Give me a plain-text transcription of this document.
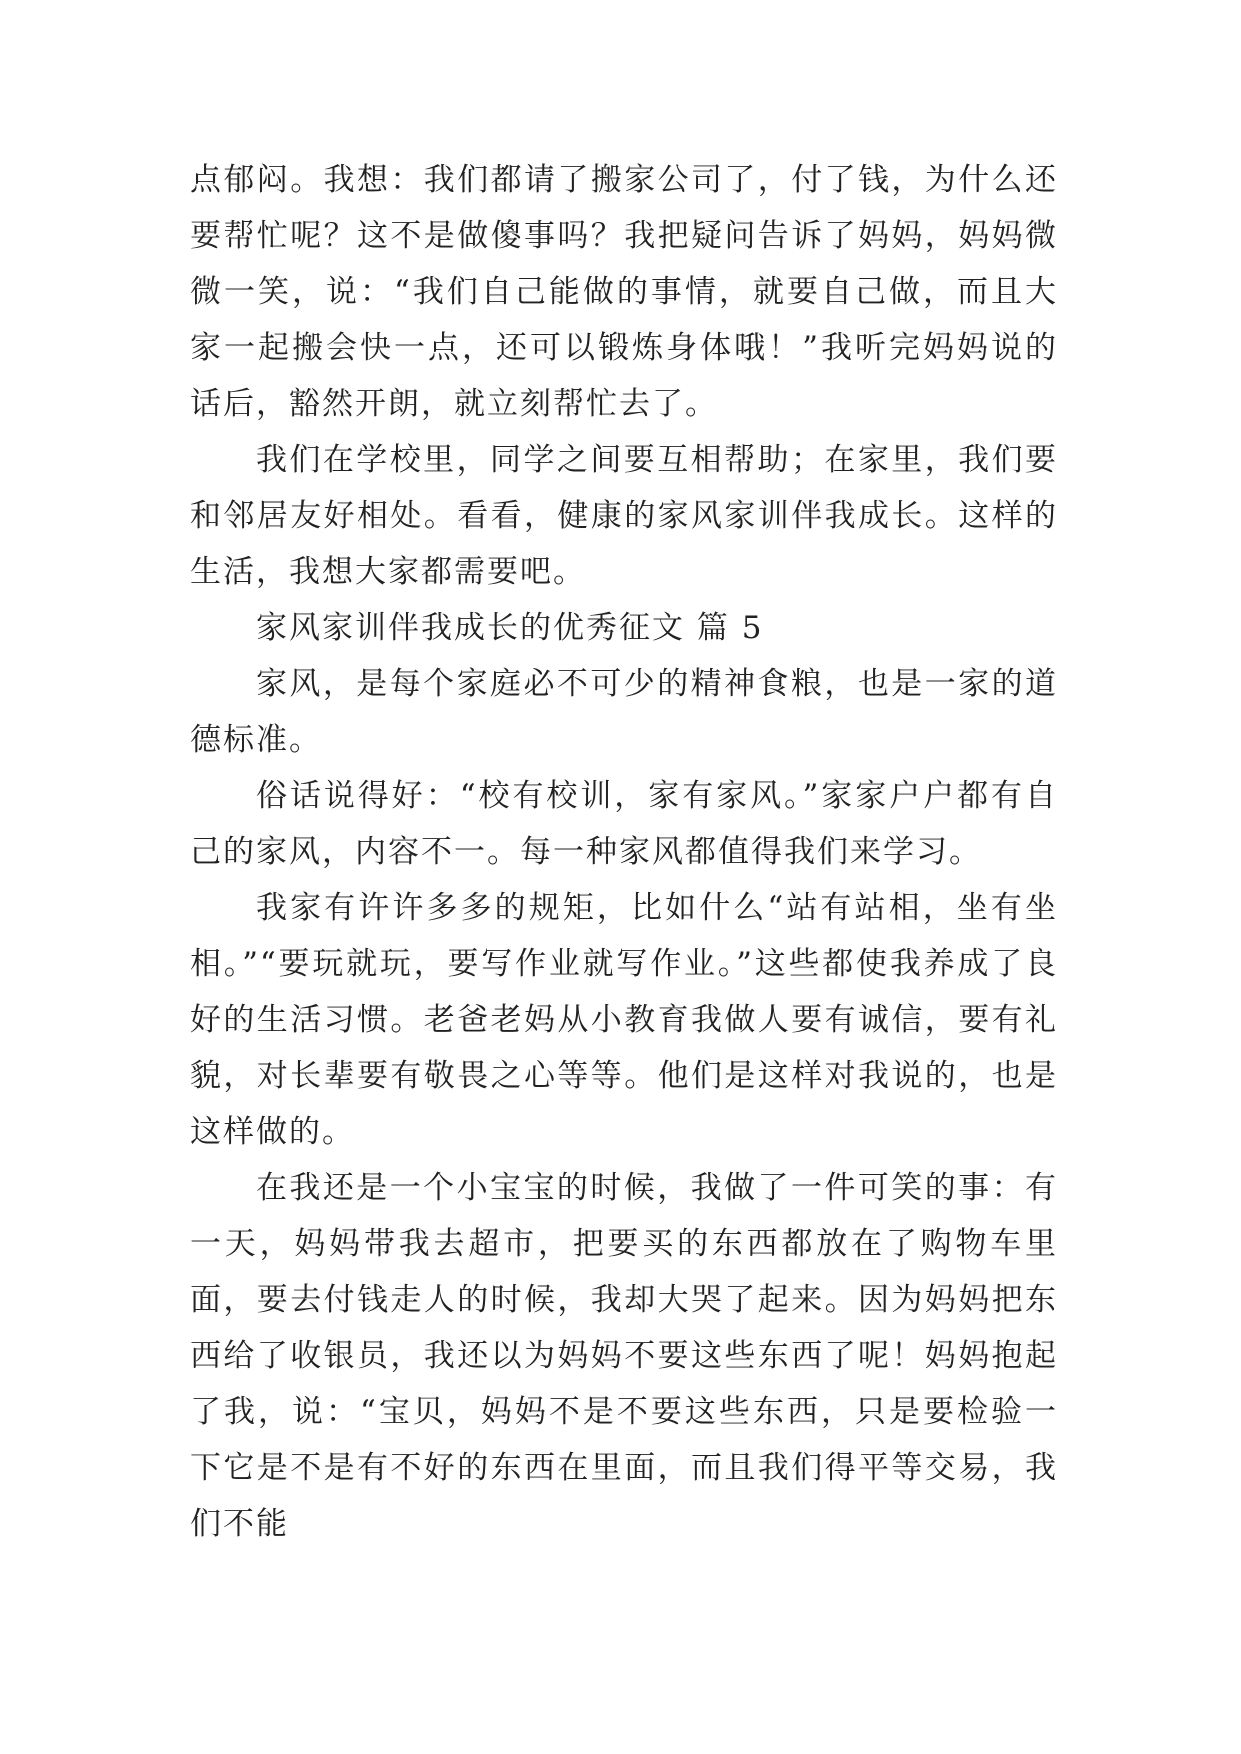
点郁闷。我想：我们都请了搬家公司了，付了钱，为什么还要帮忙呢？这不是做傻事吗？我把疑问告诉了妈妈，妈妈微微一笑，说：“我们自己能做的事情，就要自己做，而且大家一起搬会快一点，还可以锻炼身体哦！”我听完妈妈说的话后，豁然开朗，就立刻帮忙去了。

我们在学校里，同学之间要互相帮助；在家里，我们要和邻居友好相处。看看，健康的家风家训伴我成长。这样的生活，我想大家都需要吧。

家风家训伴我成长的优秀征文 篇 5

家风，是每个家庭必不可少的精神食粮，也是一家的道德标准。

俗话说得好：“校有校训，家有家风。”家家户户都有自己的家风，内容不一。每一种家风都值得我们来学习。

我家有许许多多的规矩，比如什么“站有站相，坐有坐相。”“要玩就玩，要写作业就写作业。”这些都使我养成了良好的生活习惯。老爸老妈从小教育我做人要有诚信，要有礼貌，对长辈要有敬畏之心等等。他们是这样对我说的，也是这样做的。

在我还是一个小宝宝的时候，我做了一件可笑的事：有一天，妈妈带我去超市，把要买的东西都放在了购物车里面，要去付钱走人的时候，我却大哭了起来。因为妈妈把东西给了收银员，我还以为妈妈不要这些东西了呢！妈妈抱起了我，说：“宝贝，妈妈不是不要这些东西，只是要检验一下它是不是有不好的东西在里面，而且我们得平等交易，我们不能
